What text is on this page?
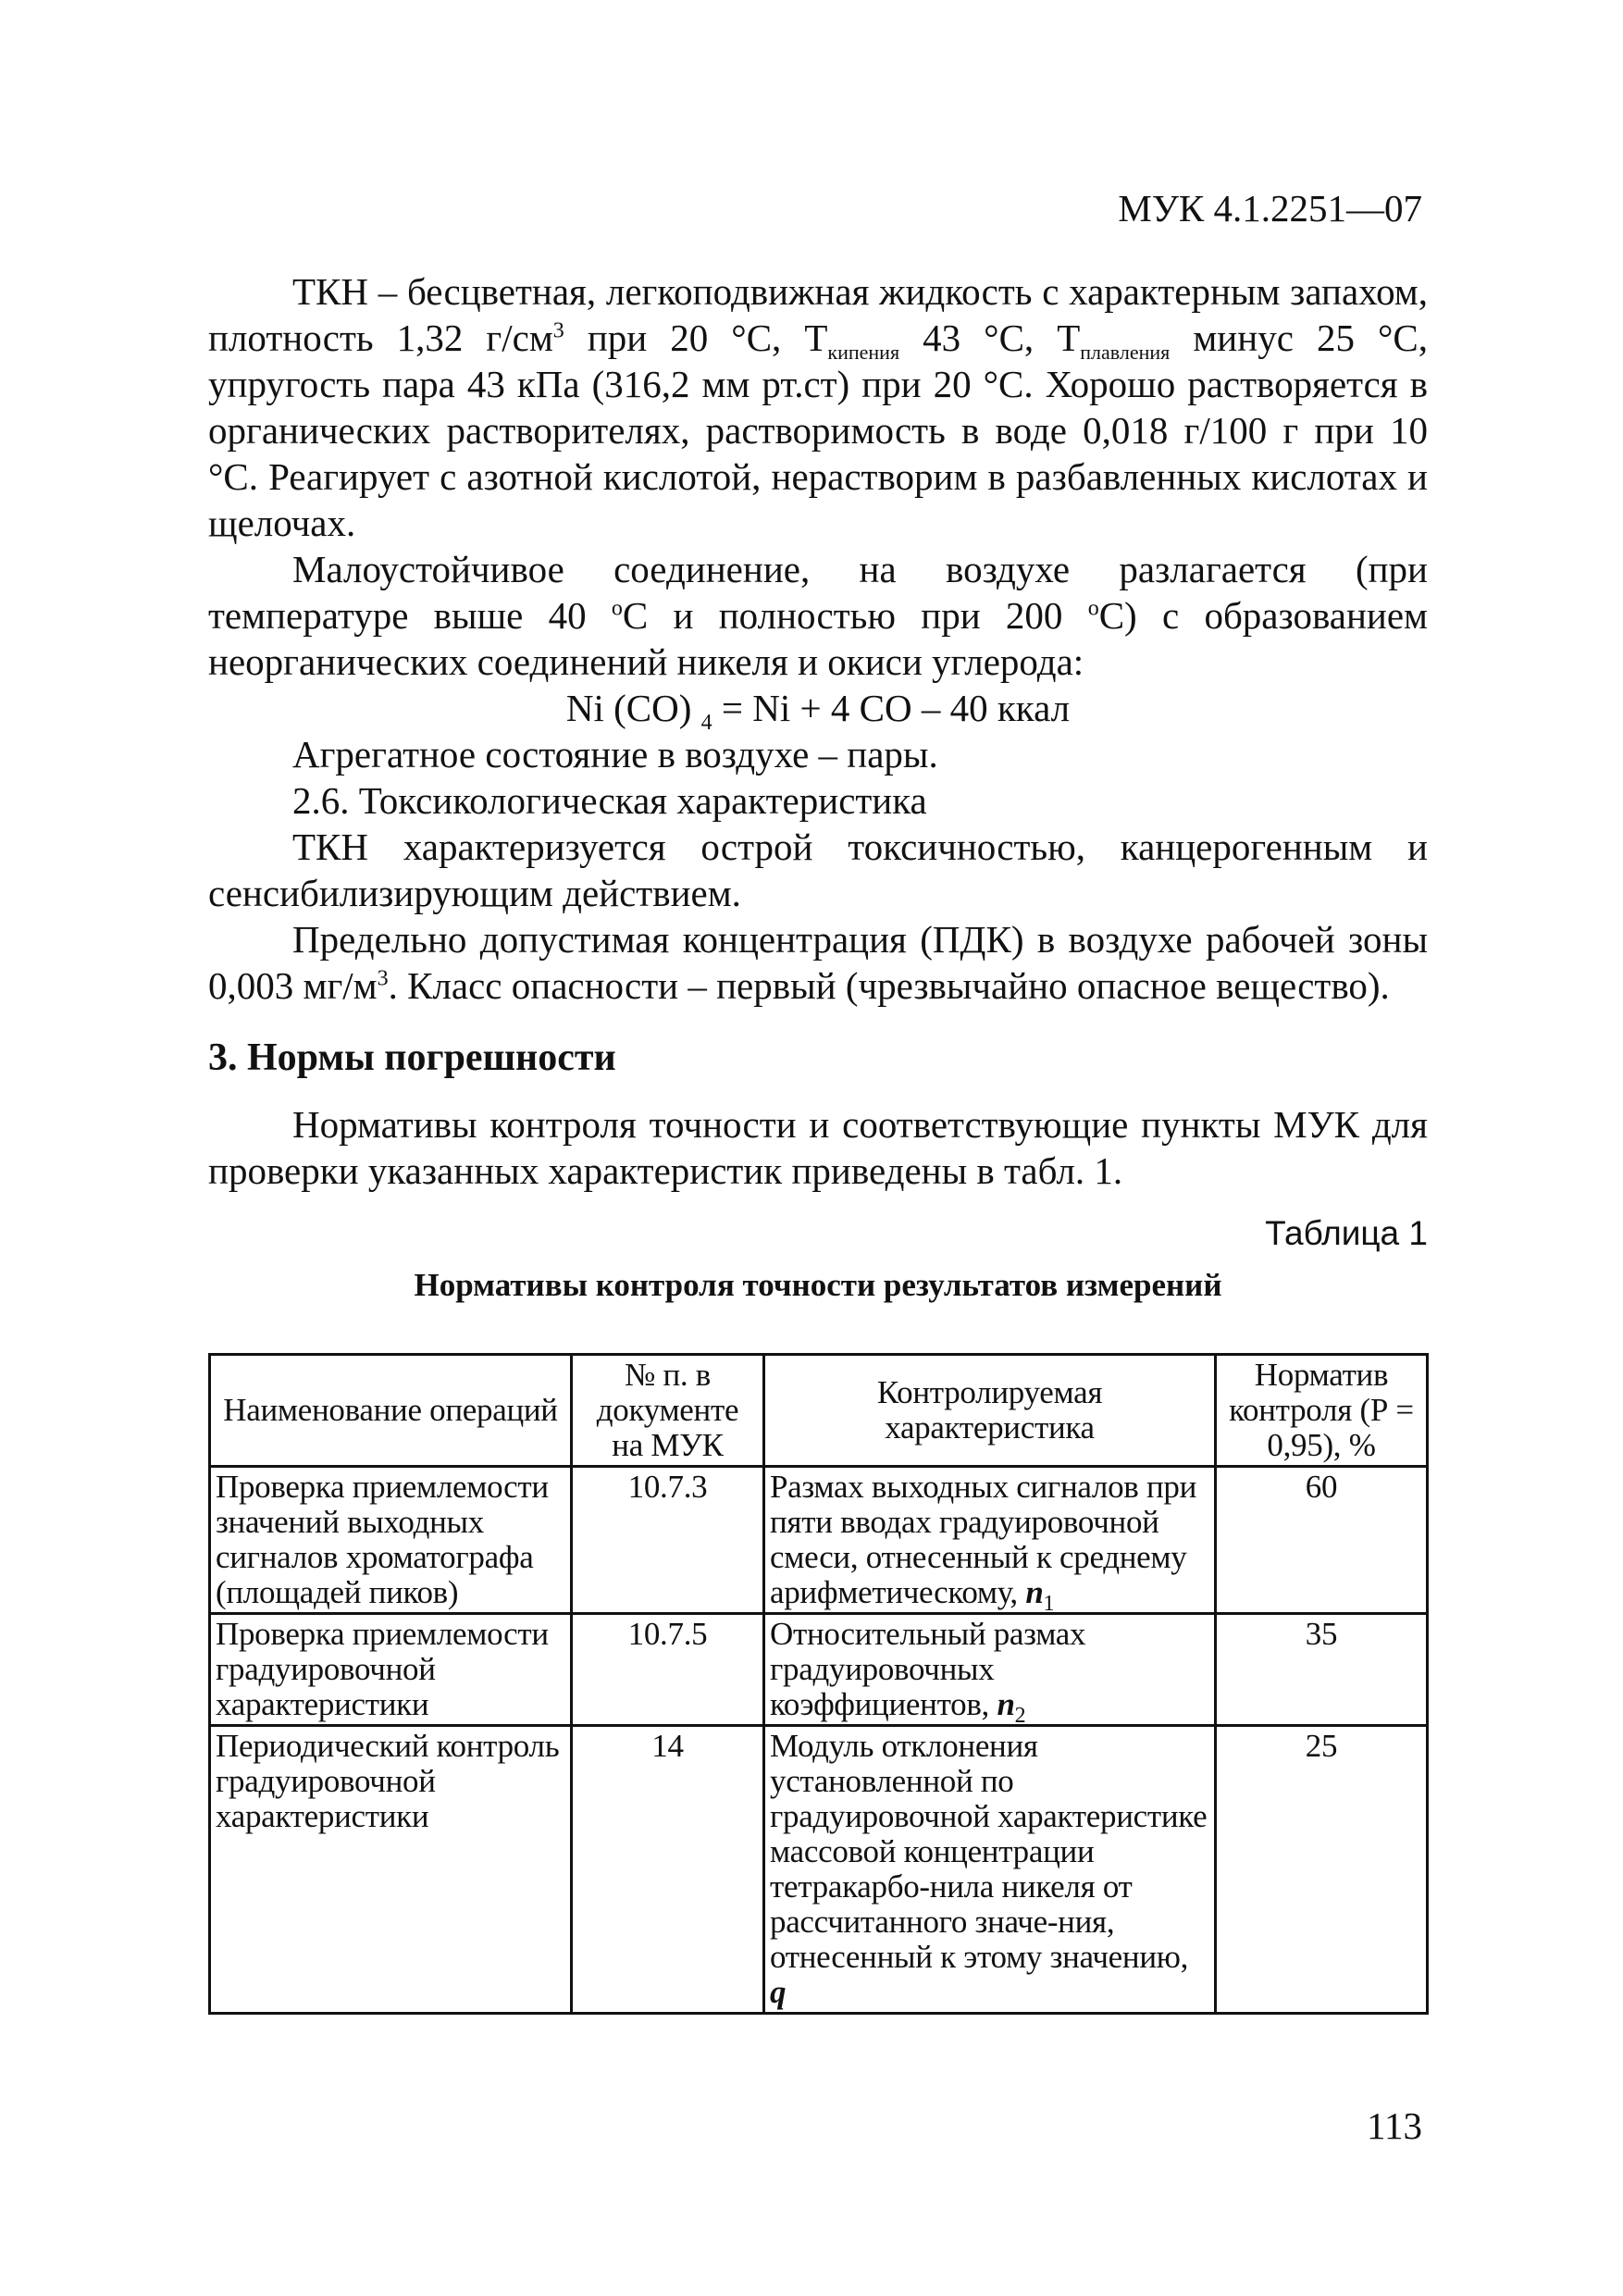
МУК 4.1.2251—07

ТКН – бесцветная, легкоподвижная жидкость с характерным запахом, плотность 1,32 $г/см^3$ при 20 °С, $Т_{кипения}$ 43 °С, $Т_{плавления}$ минус 25 °С, упругость пара 43 кПа (316,2 мм рт.ст) при 20 °С. Хорошо растворяется в органических растворителях, растворимость в воде 0,018 г/100 г при 10 °С. Реагирует с азотной кислотой, нерастворим в разбавленных кислотах и щелочах.

Малоустойчивое соединение, на воздухе разлагается (при температуре выше 40 $^о$С и полностью при 200 $^о$С) с образованием неорганических соединений никеля и окиси углерода:

Ni (CO) $_4$ = Ni + 4 CO – 40 ккал

Агрегатное состояние в воздухе – пары.

2.6. Токсикологическая характеристика

ТКН характеризуется острой токсичностью, канцерогенным и сенсибилизирующим действием.

Предельно допустимая концентрация (ПДК) в воздухе рабочей зоны 0,003 $мг/м^3$. Класс опасности – первый (чрезвычайно опасное вещество).

3. Нормы погрешности

Нормативы контроля точности и соответствующие пункты МУК для проверки указанных характеристик приведены в табл. 1.

Таблица 1

Нормативы контроля точности результатов измерений

Наименование операций	№ п. в документе на МУК	Контролируемая характеристика	Норматив контроля (Р = 0,95), %
Проверка приемлемости значений выходных сигналов хроматографа (площадей пиков)	10.7.3	Размах выходных сигналов при пяти вводах градуировочной смеси, отнесенный к среднему арифметическому, $n_1$	60
Проверка приемлемости градуировочной характеристики	10.7.5	Относительный размах градуировочных коэффициентов, $n_2$	35
Периодический контроль градуировочной характеристики	14	Модуль отклонения установленной по градуировочной характеристике массовой концентрации тетракарбо-нила никеля от рассчитанного значе-ния, отнесенный к этому значению, q	25
113
